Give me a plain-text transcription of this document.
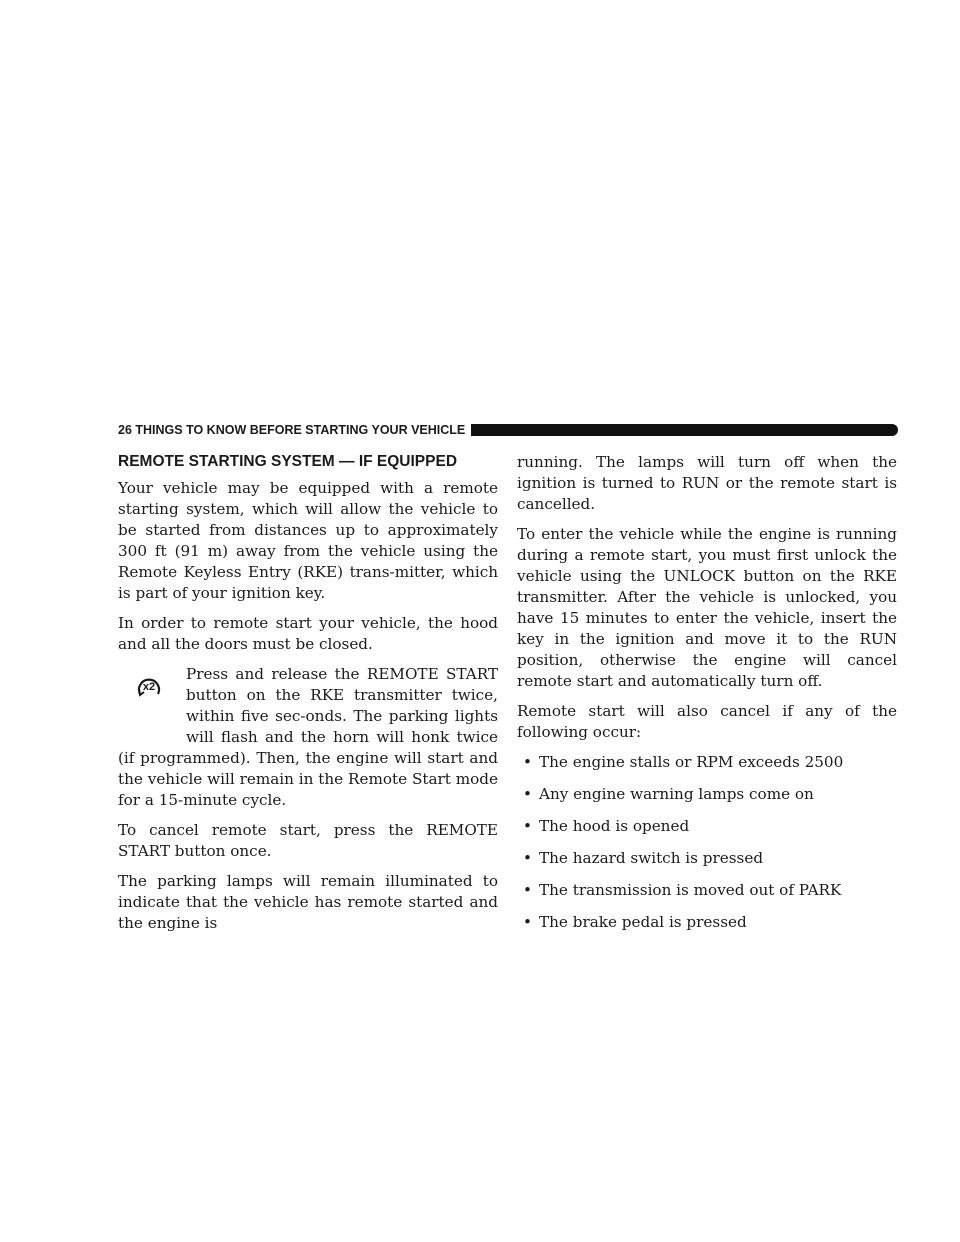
26 THINGS TO KNOW BEFORE STARTING YOUR VEHICLE
REMOTE STARTING SYSTEM — IF EQUIPPED

Your vehicle may be equipped with a remote starting system, which will allow the vehicle to be started from distances up to approximately 300 ft (91 m) away from the vehicle using the Remote Keyless Entry (RKE) trans-mitter, which is part of your ignition key.

In order to remote start your vehicle, the hood and all the doors must be closed.

x2
Press and release the REMOTE START button on the RKE transmitter twice, within five sec-onds. The parking lights will flash and the horn will honk twice (if programmed). Then, the engine will start and the vehicle will remain in the Remote Start mode for a 15-minute cycle.

To cancel remote start, press the REMOTE START button once.

The parking lamps will remain illuminated to indicate that the vehicle has remote started and the engine is

running. The lamps will turn off when the ignition is turned to RUN or the remote start is cancelled.

To enter the vehicle while the engine is running during a remote start, you must first unlock the vehicle using the UNLOCK button on the RKE transmitter. After the vehicle is unlocked, you have 15 minutes to enter the vehicle, insert the key in the ignition and move it to the RUN position, otherwise the engine will cancel remote start and automatically turn off.

Remote start will also cancel if any of the following occur:

• The engine stalls or RPM exceeds 2500
• Any engine warning lamps come on
• The hood is opened
• The hazard switch is pressed
• The transmission is moved out of PARK
• The brake pedal is pressed
